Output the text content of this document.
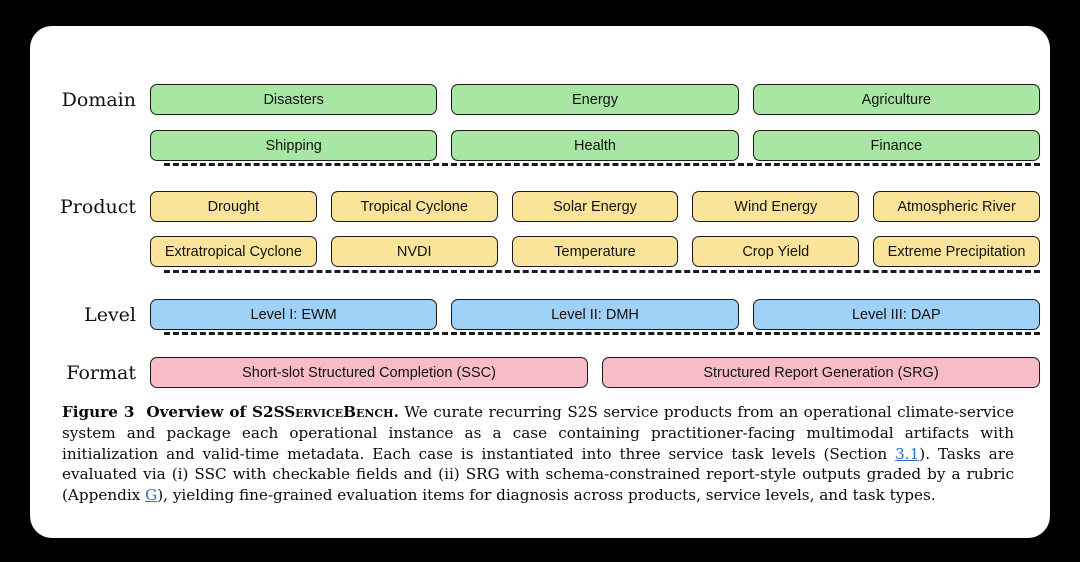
Domain	Disasters	Energy	Agriculture
Shipping	Health	Finance
Product	Drought	Tropical Cyclone	Solar Energy	Wind Energy	Atmospheric River
Extratropical Cyclone	NVDI	Temperature	Crop Yield	Extreme Precipitation
Level	Level I: EWM	Level II: DMH	Level III: DAP
Format	Short-slot Structured Completion (SSC)	Structured Report Generation (SRG)
Figure 3 Overview of S2SServiceBench. We curate recurring S2S service products from an operational climate-service system and package each operational instance as a case containing practitioner-facing multimodal artifacts with initialization and valid-time metadata. Each case is instantiated into three service task levels (Section 3.1). Tasks are evaluated via (i) SSC with checkable fields and (ii) SRG with schema-constrained report-style outputs graded by a rubric (Appendix G), yielding fine-grained evaluation items for diagnosis across products, service levels, and task types.
